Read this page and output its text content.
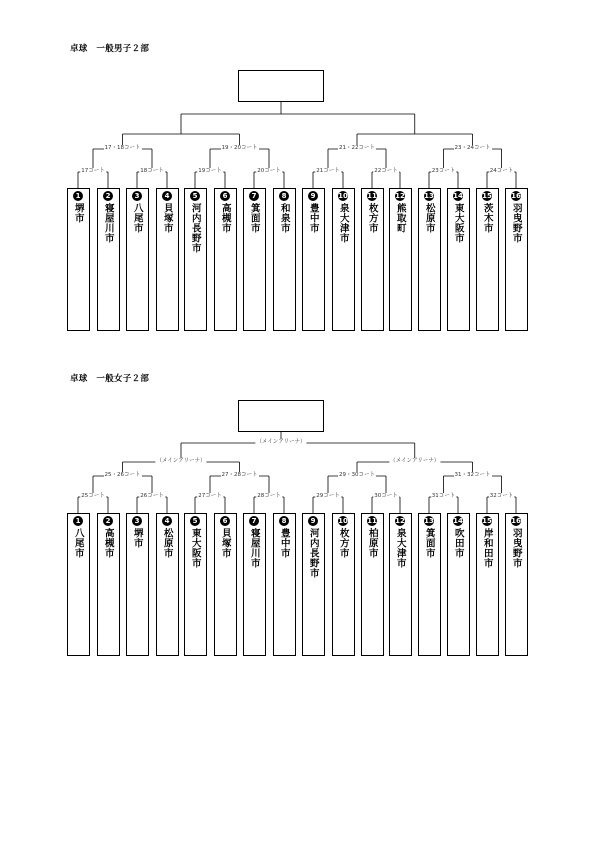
卓球　一般男子２部
17・18コート	19・20コート	21・22コート	23・24コート
17コート	18コート	19コート	20コート	21コート	22コート	23コート	24コート
1
堺市
2
寝屋川市
3
八尾市
4
貝塚市
5
河内長野市
6
高槻市
7
箕面市
8
和泉市
9
豊中市
10
泉大津市
11
枚方市
12
熊取町
13
松原市
14
東大阪市
15
茨木市
16
羽曳野市
卓球　一般女子２部
（メインアリーナ）
（メインアリーナ）	（メインアリーナ）
25・26コート	27・28コート	29・30コート	31・32コート
25コート	26コート	27コート	28コート	29コート	30コート	31コート	32コート
1
八尾市
2
高槻市
3
堺市
4
松原市
5
東大阪市
6
貝塚市
7
寝屋川市
8
豊中市
9
河内長野市
10
枚方市
11
柏原市
12
泉大津市
13
箕面市
14
吹田市
15
岸和田市
16
羽曳野市
